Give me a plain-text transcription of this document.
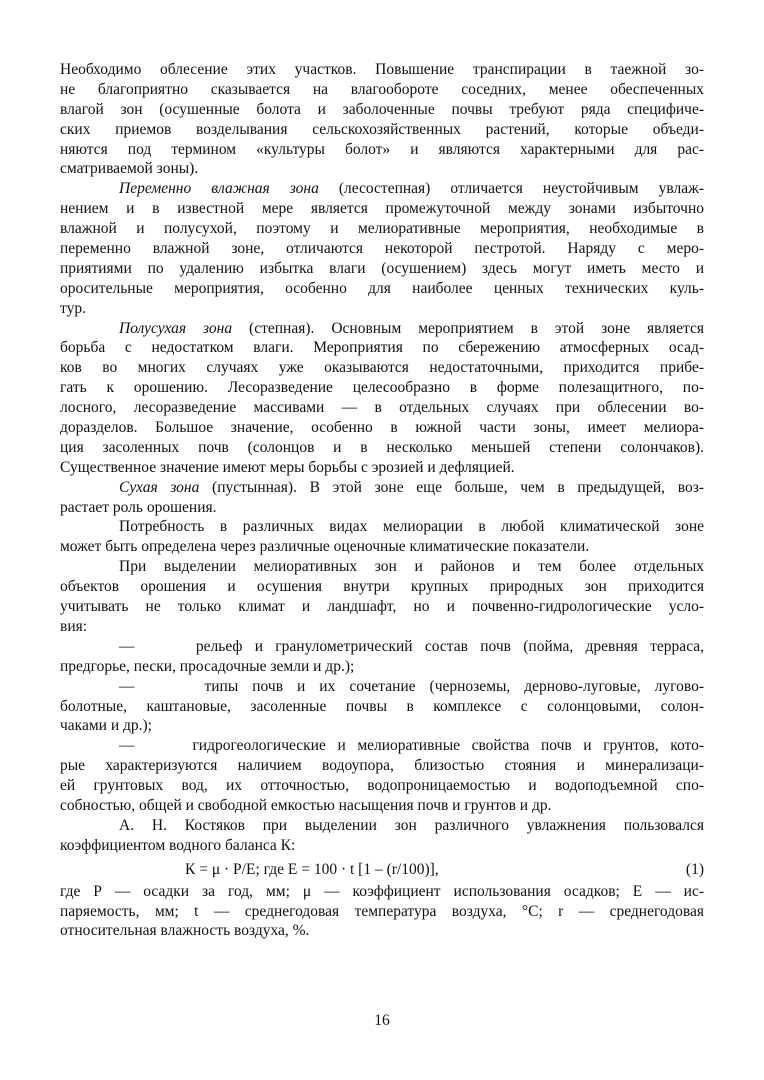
Необходимо облесение этих участков. Повышение транспирации в таежной зо-
не благоприятно сказывается на влагообороте соседних, менее обеспеченных
влагой зон (осушенные болота и заболоченные почвы требуют ряда специфиче-
ских приемов возделывания сельскохозяйственных растений, которые объеди-
няются под термином «культуры болот» и являются характерными для рас-
сматриваемой зоны).
Переменно влажная зона (лесостепная) отличается неустойчивым увлаж-
нением и в известной мере является промежуточной между зонами избыточно
влажной и полусухой, поэтому и мелиоративные мероприятия, необходимые в
переменно влажной зоне, отличаются некоторой пестротой. Наряду с меро-
приятиями по удалению избытка влаги (осушением) здесь могут иметь место и
оросительные мероприятия, особенно для наиболее ценных технических куль-
тур.
Полусухая зона (степная). Основным мероприятием в этой зоне является
борьба с недостатком влаги. Мероприятия по сбережению атмосферных осад-
ков во многих случаях уже оказываются недостаточными, приходится прибе-
гать к орошению. Лесоразведение целесообразно в форме полезащитного, по-
лосного, лесоразведение массивами — в отдельных случаях при облесении во-
доразделов. Большое значение, особенно в южной части зоны, имеет мелиора-
ция засоленных почв (солонцов и в несколько меньшей степени солончаков).
Существенное значение имеют меры борьбы с эрозией и дефляцией.
Сухая зона (пустынная). В этой зоне еще больше, чем в предыдущей, воз-
растает роль орошения.
Потребность в различных видах мелиорации в любой климатической зоне
может быть определена через различные оценочные климатические показатели.
При выделении мелиоративных зон и районов и тем более отдельных
объектов орошения и осушения внутри крупных природных зон приходится
учитывать не только климат и ландшафт, но и почвенно-гидрологические усло-
вия:
—	рельеф и гранулометрический состав почв (пойма, древняя терраса,
предгорье, пески, просадочные земли и др.);
—	типы почв и их сочетание (черноземы, дерново-луговые, лугово-
болотные, каштановые, засоленные почвы в комплексе с солонцовыми, солон-
чаками и др.);
—	гидрогеологические и мелиоративные свойства почв и грунтов, кото-
рые характеризуются наличием водоупора, близостью стояния и минерализаци-
ей грунтовых вод, их отточностью, водопроницаемостью и водоподъемной спо-
собностью, общей и свободной емкостью насыщения почв и грунтов и др.
А. Н. Костяков при выделении зон различного увлажнения пользовался
коэффициентом водного баланса К:
К = μ · Р/Е; где Е = 100 · t [1 – (r/100)],	(1)
где Р — осадки за год, мм; μ — коэффициент использования осадков; Е — ис-
паряемость, мм; t — среднегодовая температура воздуха, °С; r — среднегодовая
относительная влажность воздуха, %.
16
